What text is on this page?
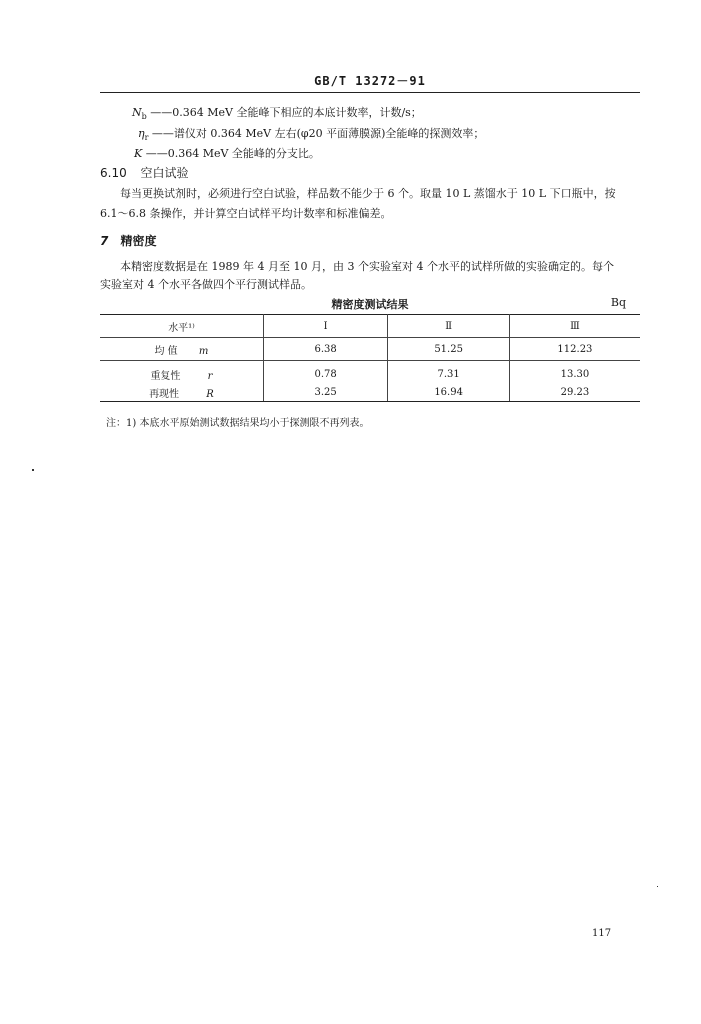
GB/T 13272－91
$N_b$ ——0.364 MeV 全能峰下相应的本底计数率，计数/s；
$\eta_r$ ——谱仪对 0.364 MeV 左右(φ20 平面薄膜源)全能峰的探测效率；
K ——0.364 MeV 全能峰的分支比。
6.10 空白试验
每当更换试剂时，必须进行空白试验，样品数不能少于 6 个。取量 10 L 蒸馏水于 10 L 下口瓶中，按
6.1～6.8 条操作，并计算空白试样平均计数率和标准偏差。
7 精密度
本精密度数据是在 1989 年 4 月至 10 月，由 3 个实验室对 4 个水平的试样所做的实验确定的。每个
实验室对 4 个水平各做四个平行测试样品。
精密度测试结果	Bq
水平¹⁾	Ⅰ	Ⅱ	Ⅲ
均 值 m	6.38	51.25	112.23
重复性 r	0.78	7.31	13.30
再现性 R	3.25	16.94	29.23
注：1) 本底水平原始测试数据结果均小于探测限不再列表。
117
